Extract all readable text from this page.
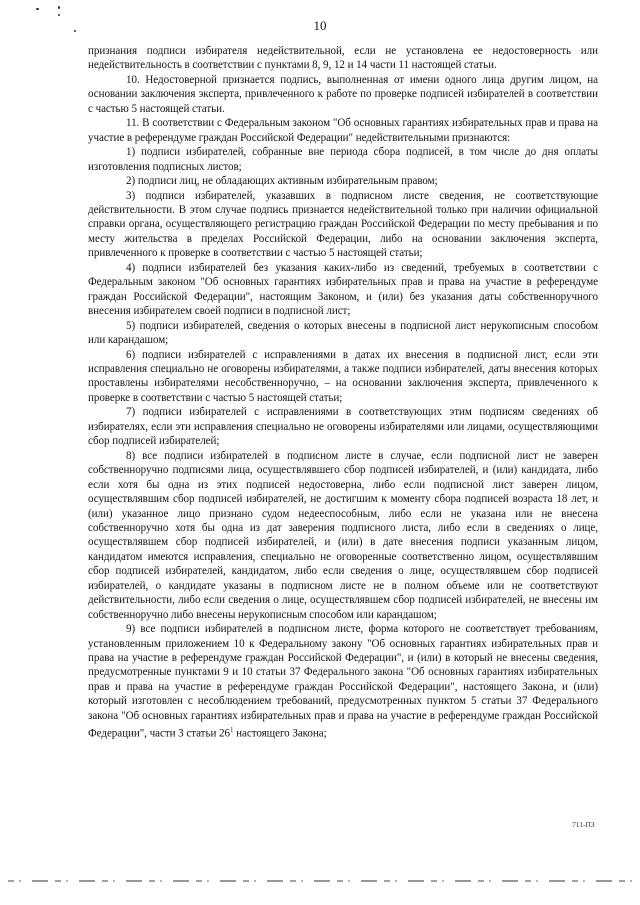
10

признания подписи избирателя недействительной, если не установлена ее недостоверность или недействительность в соответствии с пунктами 8, 9, 12 и 14 части 11 настоящей статьи.

10. Недостоверной признается подпись, выполненная от имени одного лица другим лицом, на основании заключения эксперта, привлеченного к работе по проверке подписей избирателей в соответствии с частью 5 настоящей статьи.

11. В соответствии с Федеральным законом "Об основных гарантиях избирательных прав и права на участие в референдуме граждан Российской Федерации" недействительными признаются:

1) подписи избирателей, собранные вне периода сбора подписей, в том числе до дня оплаты изготовления подписных листов;

2) подписи лиц, не обладающих активным избирательным правом;

3) подписи избирателей, указавших в подписном листе сведения, не соответствующие действительности. В этом случае подпись признается недействительной только при наличии официальной справки органа, осуществляющего регистрацию граждан Российской Федерации по месту пребывания и по месту жительства в пределах Российской Федерации, либо на основании заключения эксперта, привлеченного к проверке в соответствии с частью 5 настоящей статьи;

4) подписи избирателей без указания каких-либо из сведений, требуемых в соответствии с Федеральным законом "Об основных гарантиях избирательных прав и права на участие в референдуме граждан Российской Федерации", настоящим Законом, и (или) без указания даты собственноручного внесения избирателем своей подписи в подписной лист;

5) подписи избирателей, сведения о которых внесены в подписной лист нерукописным способом или карандашом;

6) подписи избирателей с исправлениями в датах их внесения в подписной лист, если эти исправления специально не оговорены избирателями, а также подписи избирателей, даты внесения которых проставлены избирателями несобственноручно, – на основании заключения эксперта, привлеченного к проверке в соответствии с частью 5 настоящей статьи;

7) подписи избирателей с исправлениями в соответствующих этим подписям сведениях об избирателях, если эти исправления специально не оговорены избирателями или лицами, осуществляющими сбор подписей избирателей;

8) все подписи избирателей в подписном листе в случае, если подписной лист не заверен собственноручно подписями лица, осуществлявшего сбор подписей избирателей, и (или) кандидата, либо если хотя бы одна из этих подписей недостоверна, либо если подписной лист заверен лицом, осуществлявшим сбор подписей избирателей, не достигшим к моменту сбора подписей возраста 18 лет, и (или) указанное лицо признано судом недееспособным, либо если не указана или не внесена собственноручно хотя бы одна из дат заверения подписного листа, либо если в сведениях о лице, осуществлявшем сбор подписей избирателей, и (или) в дате внесения подписи указанным лицом, кандидатом имеются исправления, специально не оговоренные соответственно лицом, осуществлявшим сбор подписей избирателей, кандидатом, либо если сведения о лице, осуществлявшем сбор подписей избирателей, о кандидате указаны в подписном листе не в полном объеме или не соответствуют действительности, либо если сведения о лице, осуществлявшем сбор подписей избирателей, не внесены им собственноручно либо внесены нерукописным способом или карандашом;

9) все подписи избирателей в подписном листе, форма которого не соответствует требованиям, установленным приложением 10 к Федеральному закону "Об основных гарантиях избирательных прав и права на участие в референдуме граждан Российской Федерации", и (или) в который не внесены сведения, предусмотренные пунктами 9 и 10 статьи 37 Федерального закона "Об основных гарантиях избирательных прав и права на участие в референдуме граждан Российской Федерации", настоящего Закона, и (или) который изготовлен с несоблюдением требований, предусмотренных пунктом 5 статьи 37 Федерального закона "Об основных гарантиях избирательных прав и права на участие в референдуме граждан Российской Федерации", части 3 статьи $26^1$ настоящего Закона;

711-ПЗ
